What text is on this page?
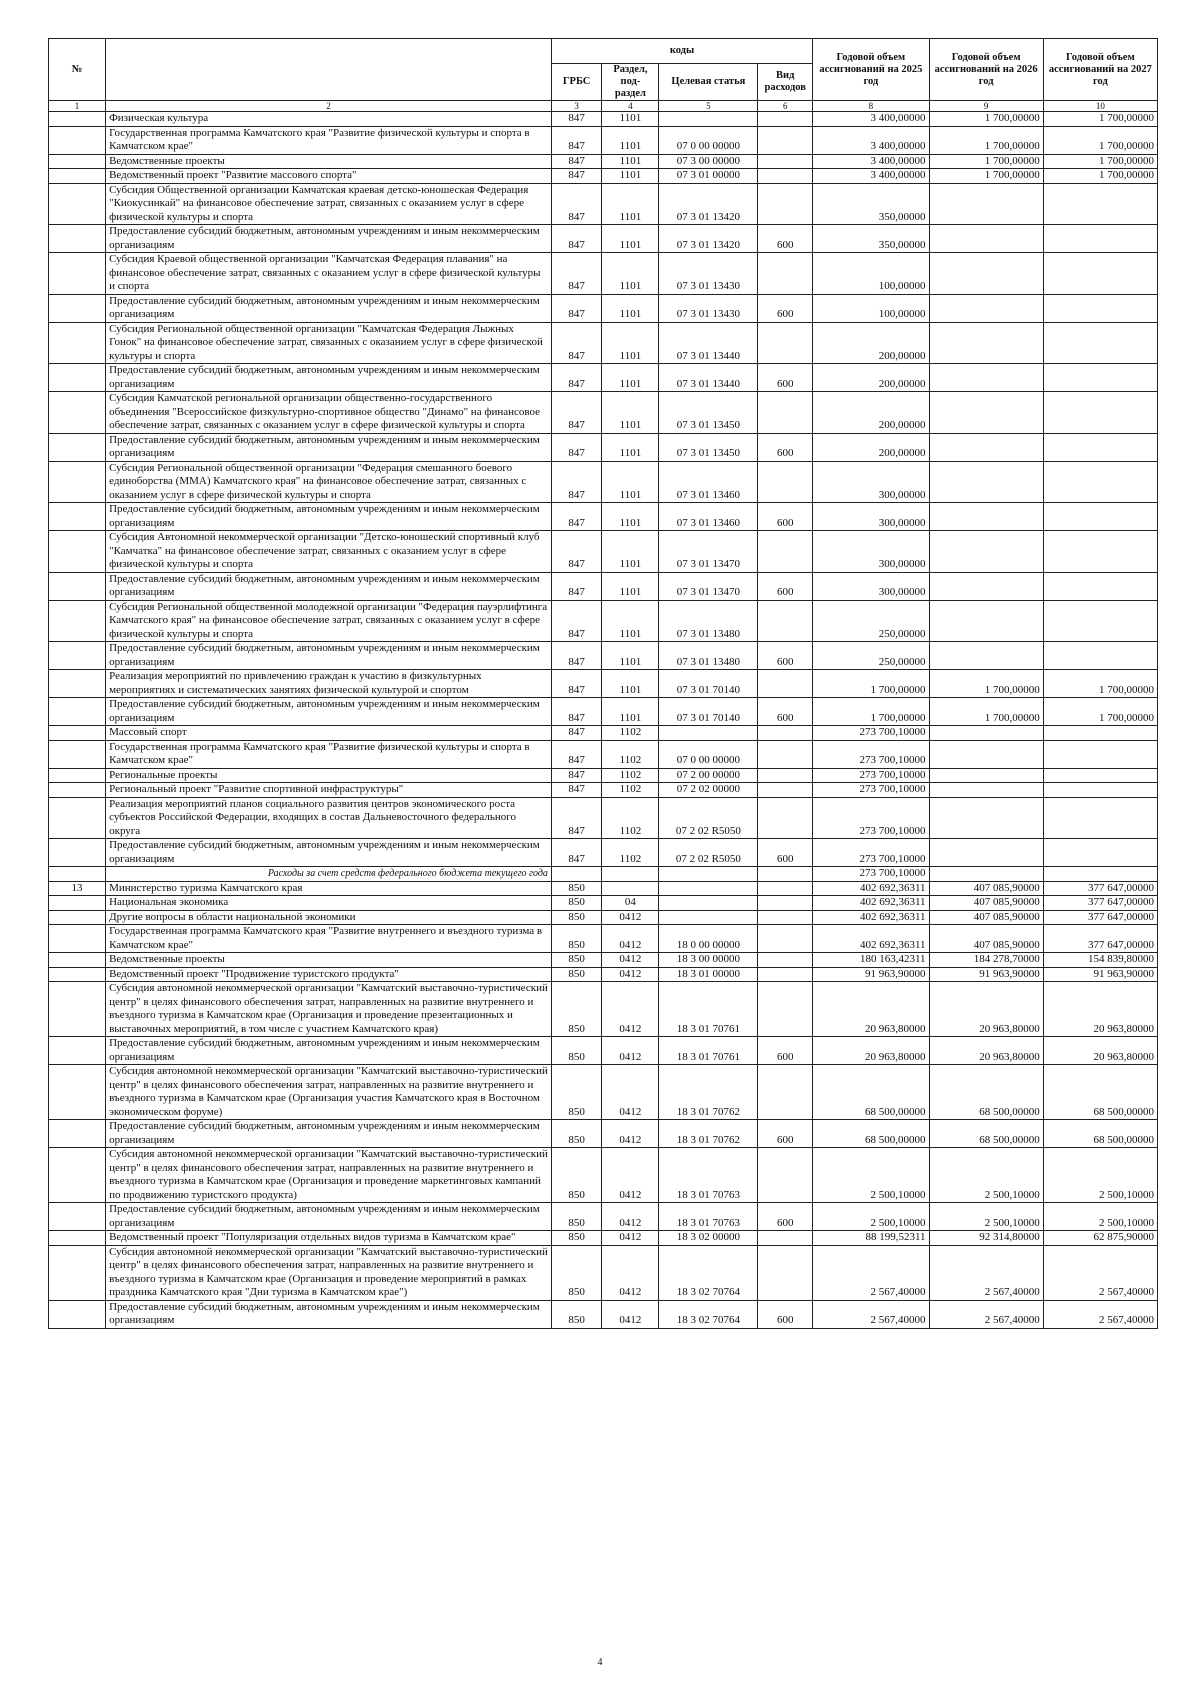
№		коды				Годовой объем ассигнований на 2025 год	Годовой объем ассигнований на 2026 год	Годовой объем ассигнований на 2027 год
		ГРБС	Раздел, под-раздел	Целевая статья	Вид расходов			
1	2	3	4	5	6	8	9	10
	Физическая культура	847	1101			3 400,00000	1 700,00000	1 700,00000
	Государственная программа Камчатского края "Развитие физической культуры и спорта в Камчатском крае"	847	1101	07 0 00 00000		3 400,00000	1 700,00000	1 700,00000
	Ведомственные проекты	847	1101	07 3 00 00000		3 400,00000	1 700,00000	1 700,00000
	Ведомственный проект "Развитие массового спорта"	847	1101	07 3 01 00000		3 400,00000	1 700,00000	1 700,00000
	Субсидия Общественной организации Камчатская краевая детско-юношеская Федерация "Киокусинкай" на финансовое обеспечение затрат, связанных с оказанием услуг в сфере физической культуры и спорта	847	1101	07 3 01 13420		350,00000		
	Предоставление субсидий бюджетным, автономным учреждениям и иным некоммерческим организациям	847	1101	07 3 01 13420	600	350,00000		
	Субсидия Краевой общественной организации "Камчатская Федерация плавания" на финансовое обеспечение затрат, связанных с оказанием услуг в сфере физической культуры и спорта	847	1101	07 3 01 13430		100,00000		
	Предоставление субсидий бюджетным, автономным учреждениям и иным некоммерческим организациям	847	1101	07 3 01 13430	600	100,00000		
	Субсидия Региональной общественной организации "Камчатская Федерация Лыжных Гонок" на финансовое обеспечение затрат, связанных с оказанием услуг в сфере физической культуры и спорта	847	1101	07 3 01 13440		200,00000		
	Предоставление субсидий бюджетным, автономным учреждениям и иным некоммерческим организациям	847	1101	07 3 01 13440	600	200,00000		
	Субсидия Камчатской региональной организации общественно-государственного объединения "Всероссийское физкультурно-спортивное общество "Динамо" на финансовое обеспечение затрат, связанных с оказанием услуг в сфере физической культуры и спорта	847	1101	07 3 01 13450		200,00000		
	Предоставление субсидий бюджетным, автономным учреждениям и иным некоммерческим организациям	847	1101	07 3 01 13450	600	200,00000		
	Субсидия Региональной общественной организации "Федерация смешанного боевого единоборства (ММА) Камчатского края" на финансовое обеспечение затрат, связанных с оказанием услуг в сфере физической культуры и спорта	847	1101	07 3 01 13460		300,00000		
	Предоставление субсидий бюджетным, автономным учреждениям и иным некоммерческим организациям	847	1101	07 3 01 13460	600	300,00000		
	Субсидия Автономной некоммерческой организации "Детско-юношеский спортивный клуб "Камчатка" на финансовое обеспечение затрат, связанных с оказанием услуг в сфере физической культуры и спорта	847	1101	07 3 01 13470		300,00000		
	Предоставление субсидий бюджетным, автономным учреждениям и иным некоммерческим организациям	847	1101	07 3 01 13470	600	300,00000		
	Субсидия Региональной общественной молодежной организации "Федерация пауэрлифтинга Камчатского края" на финансовое обеспечение затрат, связанных с оказанием услуг в сфере физической культуры и спорта	847	1101	07 3 01 13480		250,00000		
	Предоставление субсидий бюджетным, автономным учреждениям и иным некоммерческим организациям	847	1101	07 3 01 13480	600	250,00000		
	Реализация мероприятий по привлечению граждан к участию в физкультурных мероприятиях и систематических занятиях физической культурой и спортом	847	1101	07 3 01 70140		1 700,00000	1 700,00000	1 700,00000
	Предоставление субсидий бюджетным, автономным учреждениям и иным некоммерческим организациям	847	1101	07 3 01 70140	600	1 700,00000	1 700,00000	1 700,00000
	Массовый спорт	847	1102			273 700,10000		
	Государственная программа Камчатского края "Развитие физической культуры и спорта в Камчатском крае"	847	1102	07 0 00 00000		273 700,10000		
	Региональные проекты	847	1102	07 2 00 00000		273 700,10000		
	Региональный проект "Развитие спортивной инфраструктуры"	847	1102	07 2 02 00000		273 700,10000		
	Реализация мероприятий планов социального развития центров экономического роста субъектов Российской Федерации, входящих в состав Дальневосточного федерального округа	847	1102	07 2 02 R5050		273 700,10000		
	Предоставление субсидий бюджетным, автономным учреждениям и иным некоммерческим организациям	847	1102	07 2 02 R5050	600	273 700,10000		
	Расходы за счет средств федерального бюджета текущего года					273 700,10000		
13	Министерство туризма Камчатского края	850				402 692,36311	407 085,90000	377 647,00000
	Национальная экономика	850	04			402 692,36311	407 085,90000	377 647,00000
	Другие вопросы в области национальной экономики	850	0412			402 692,36311	407 085,90000	377 647,00000
	Государственная программа Камчатского края "Развитие внутреннего и въездного туризма в Камчатском крае"	850	0412	18 0 00 00000		402 692,36311	407 085,90000	377 647,00000
	Ведомственные проекты	850	0412	18 3 00 00000		180 163,42311	184 278,70000	154 839,80000
	Ведомственный проект "Продвижение туристского продукта"	850	0412	18 3 01 00000		91 963,90000	91 963,90000	91 963,90000
	Субсидия автономной некоммерческой организации "Камчатский выставочно-туристический центр" в целях финансового обеспечения затрат, направленных на развитие внутреннего и въездного туризма в Камчатском крае (Организация и проведение презентационных и выставочных мероприятий, в том числе с участием Камчатского края)	850	0412	18 3 01 70761		20 963,80000	20 963,80000	20 963,80000
	Предоставление субсидий бюджетным, автономным учреждениям и иным некоммерческим организациям	850	0412	18 3 01 70761	600	20 963,80000	20 963,80000	20 963,80000
	Субсидия автономной некоммерческой организации "Камчатский выставочно-туристический центр" в целях финансового обеспечения затрат, направленных на развитие внутреннего и въездного туризма в Камчатском крае (Организация участия Камчатского края в Восточном экономическом форуме)	850	0412	18 3 01 70762		68 500,00000	68 500,00000	68 500,00000
	Предоставление субсидий бюджетным, автономным учреждениям и иным некоммерческим организациям	850	0412	18 3 01 70762	600	68 500,00000	68 500,00000	68 500,00000
	Субсидия автономной некоммерческой организации "Камчатский выставочно-туристический центр" в целях финансового обеспечения затрат, направленных на развитие внутреннего и въездного туризма в Камчатском крае (Организация и проведение маркетинговых кампаний по продвижению туристского продукта)	850	0412	18 3 01 70763		2 500,10000	2 500,10000	2 500,10000
	Предоставление субсидий бюджетным, автономным учреждениям и иным некоммерческим организациям	850	0412	18 3 01 70763	600	2 500,10000	2 500,10000	2 500,10000
	Ведомственный проект "Популяризация отдельных видов туризма в Камчатском крае"	850	0412	18 3 02 00000		88 199,52311	92 314,80000	62 875,90000
	Субсидия автономной некоммерческой организации "Камчатский выставочно-туристический центр" в целях финансового обеспечения затрат, направленных на развитие внутреннего и въездного туризма в Камчатском крае (Организация и проведение мероприятий в рамках праздника Камчатского края "Дни туризма в Камчатском крае")	850	0412	18 3 02 70764		2 567,40000	2 567,40000	2 567,40000
	Предоставление субсидий бюджетным, автономным учреждениям и иным некоммерческим организациям	850	0412	18 3 02 70764	600	2 567,40000	2 567,40000	2 567,40000
4
